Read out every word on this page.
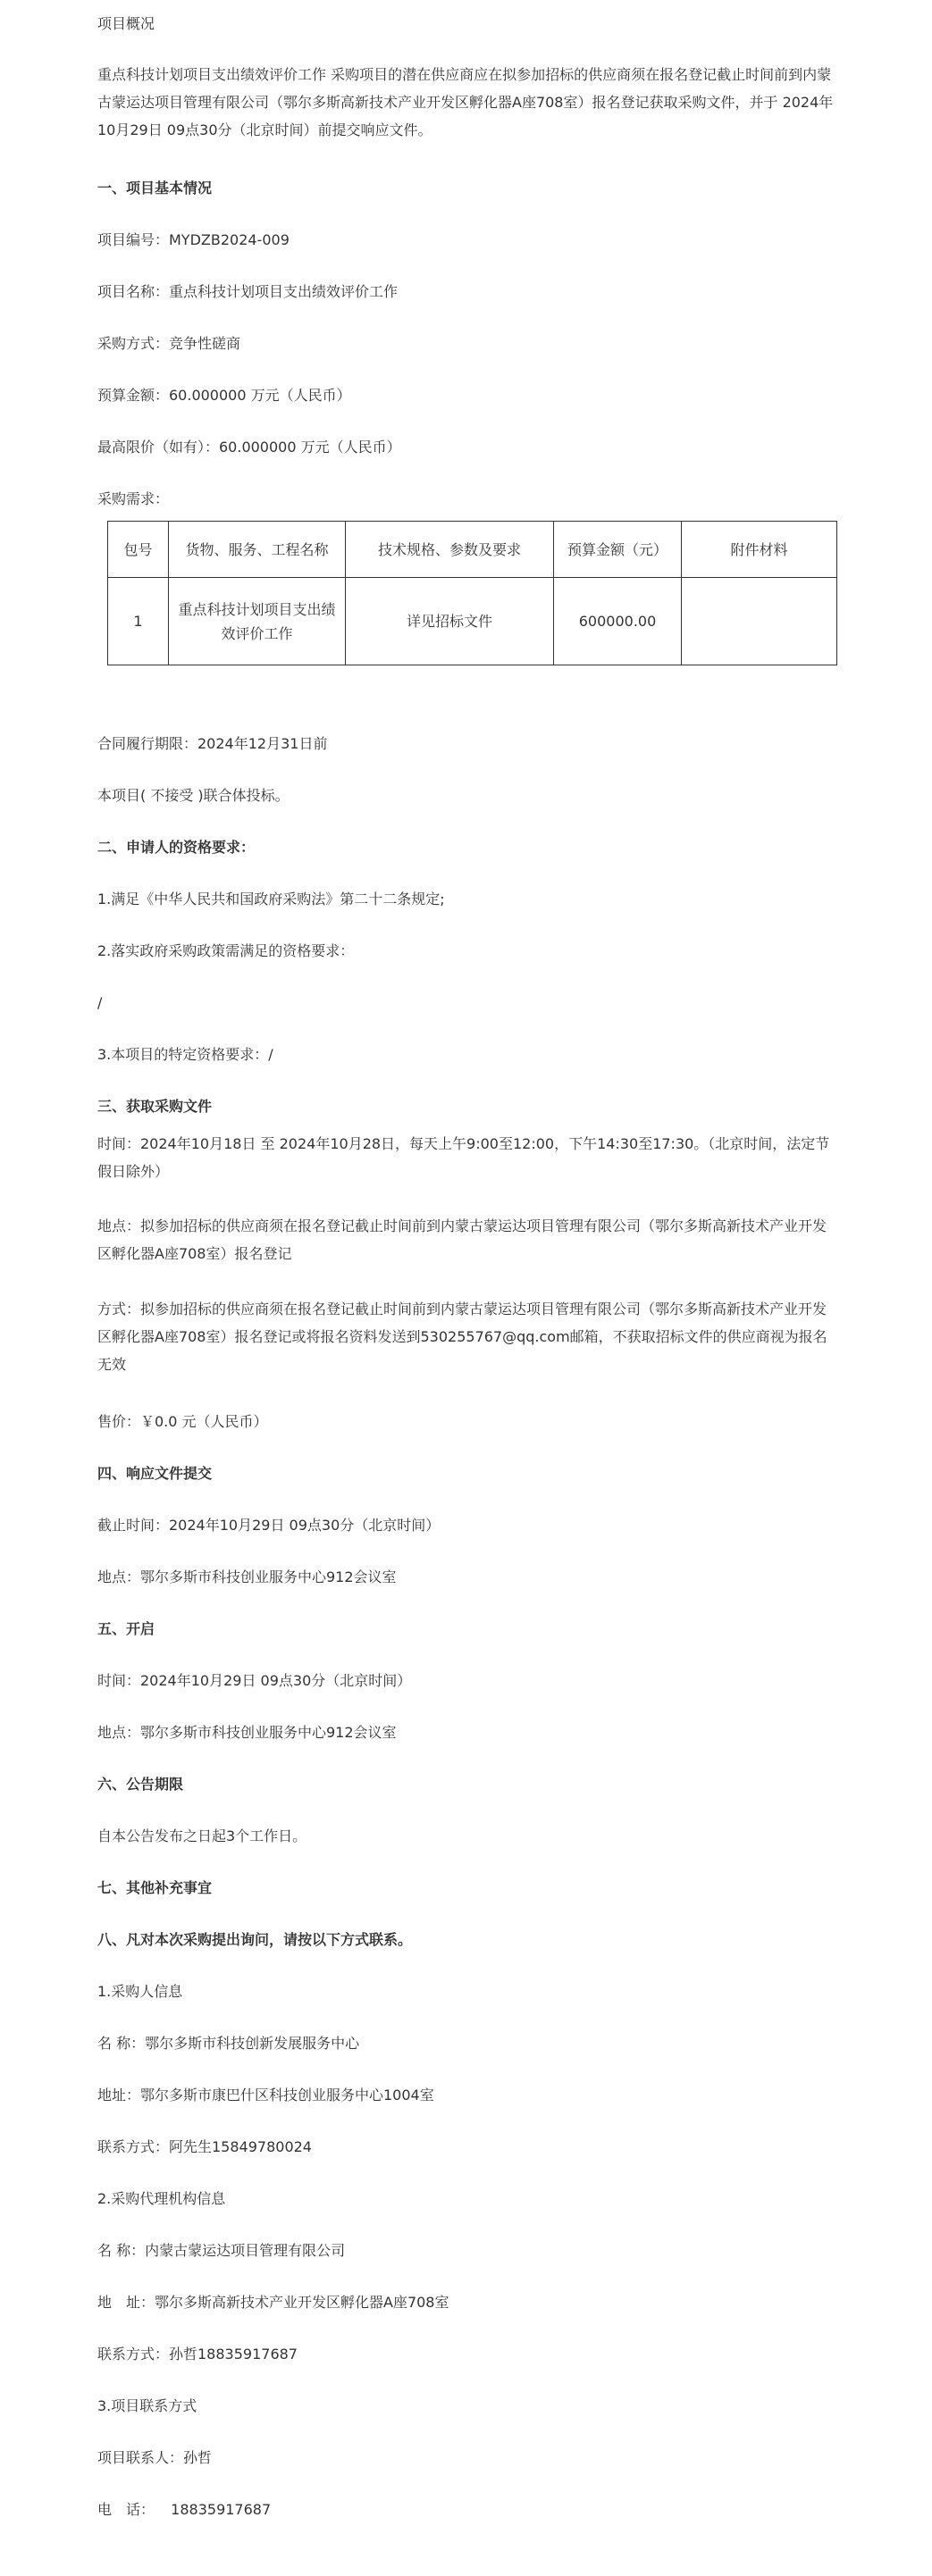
项目概况

重点科技计划项目支出绩效评价工作 采购项目的潜在供应商应在拟参加招标的供应商须在报名登记截止时间前到内蒙古蒙运达项目管理有限公司（鄂尔多斯高新技术产业开发区孵化器A座708室）报名登记获取采购文件，并于 2024年10月29日 09点30分（北京时间）前提交响应文件。

一、项目基本情况

项目编号：MYDZB2024-009

项目名称：重点科技计划项目支出绩效评价工作

采购方式：竞争性磋商

预算金额：60.000000 万元（人民币）

最高限价（如有）：60.000000 万元（人民币）

采购需求：

包号	货物、服务、工程名称	技术规格、参数及要求	预算金额（元）	附件材料
1	重点科技计划项目支出绩效评价工作	详见招标文件	600000.00	

合同履行期限：2024年12月31日前

本项目( 不接受 )联合体投标。

二、申请人的资格要求：

1.满足《中华人民共和国政府采购法》第二十二条规定;

2.落实政府采购政策需满足的资格要求：

/

3.本项目的特定资格要求：/

三、获取采购文件

时间：2024年10月18日 至 2024年10月28日，每天上午9:00至12:00，下午14:30至17:30。（北京时间，法定节假日除外）

地点：拟参加招标的供应商须在报名登记截止时间前到内蒙古蒙运达项目管理有限公司（鄂尔多斯高新技术产业开发区孵化器A座708室）报名登记

方式：拟参加招标的供应商须在报名登记截止时间前到内蒙古蒙运达项目管理有限公司（鄂尔多斯高新技术产业开发区孵化器A座708室）报名登记或将报名资料发送到530255767@qq.com邮箱，不获取招标文件的供应商视为报名无效

售价：￥0.0 元（人民币）

四、响应文件提交

截止时间：2024年10月29日 09点30分（北京时间）

地点：鄂尔多斯市科技创业服务中心912会议室

五、开启

时间：2024年10月29日 09点30分（北京时间）

地点：鄂尔多斯市科技创业服务中心912会议室

六、公告期限

自本公告发布之日起3个工作日。

七、其他补充事宜

八、凡对本次采购提出询问，请按以下方式联系。

1.采购人信息

名 称：鄂尔多斯市科技创新发展服务中心

地址：鄂尔多斯市康巴什区科技创业服务中心1004室

联系方式：阿先生15849780024

2.采购代理机构信息

名 称：内蒙古蒙运达项目管理有限公司

地　址：鄂尔多斯高新技术产业开发区孵化器A座708室

联系方式：孙哲18835917687

3.项目联系方式

项目联系人：孙哲

电　话：　  18835917687
